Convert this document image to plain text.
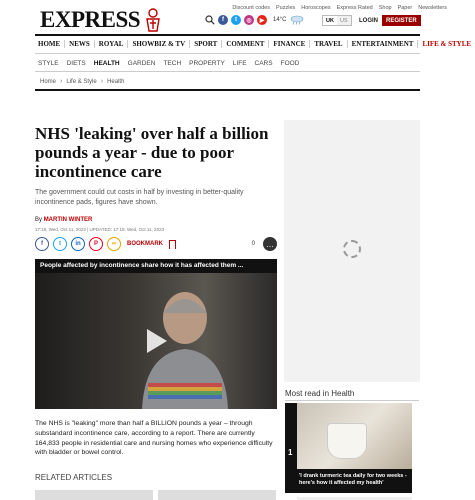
Discount codes Puzzles Horoscopes Express Rated Shop Paper Newsletters
EXPRESS	f	t	◎	▶	14°C	UK	US	LOGIN	REGISTER
HOME	NEWS	ROYAL	SHOWBIZ & TV	SPORT	COMMENT	FINANCE	TRAVEL	ENTERTAINMENT	LIFE & STYLE
STYLE DIETS HEALTH GARDEN TECH PROPERTY LIFE CARS FOOD
Home › Life & Style › Health
NHS 'leaking' over half a billion pounds a year - due to poor incontinence care

The government could cut costs in half by investing in better-quality incontinence pads, figures have shown.

By MARTIN WINTER
17:19, Wed, Oct 11, 2023 | UPDATED: 17:19, Wed, Oct 11, 2023
f	t	in	P	∞	BOOKMARK	0	…
People affected by incontinence share how it has affected them ...

The NHS is "leaking" more than half a BILLION pounds a year – through substandard incontinence care, according to a report. There are currently 164,833 people in residential care and nursing homes who experience difficulty with bladder or bowel control.

RELATED ARTICLES
Most read in Health
1
'I drank turmeric tea daily for two weeks - here's how it affected my health'
